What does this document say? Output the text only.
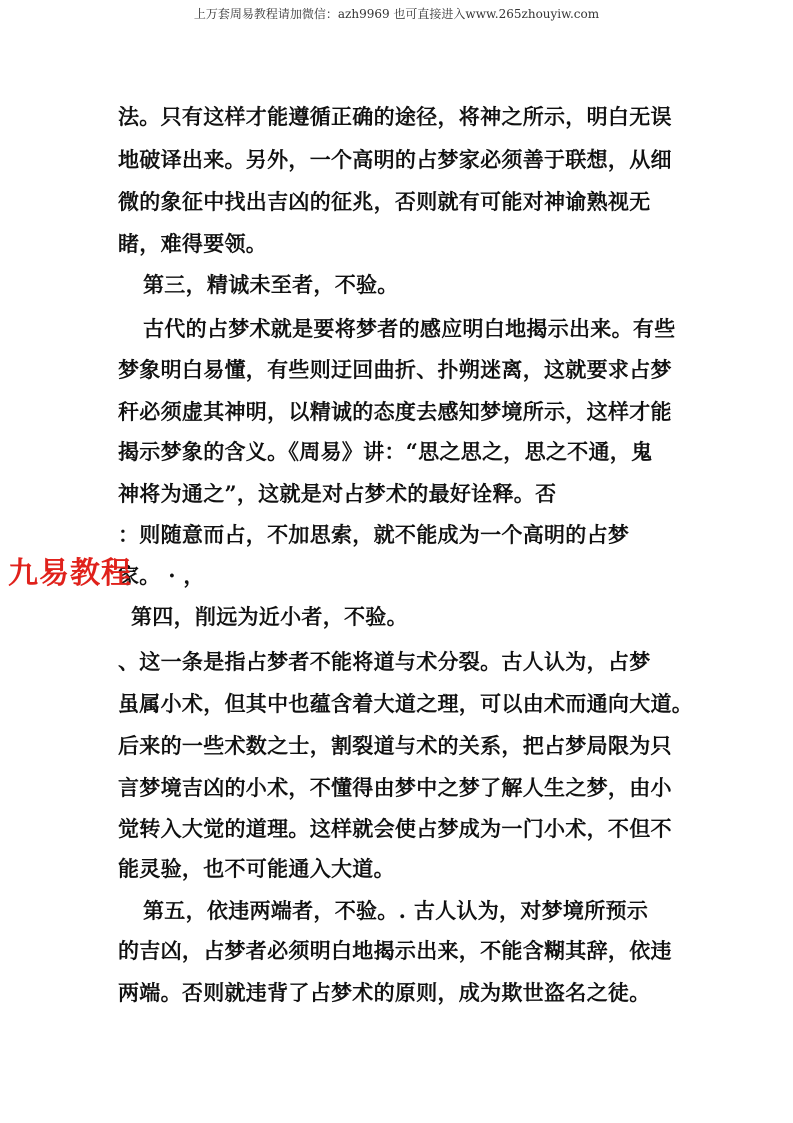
上万套周易教程请加微信：azh9969 也可直接进入www.265zhouyiw.com
法。只有这样才能遵循正确的途径，将神之所示，明白无误
地破译出来。另外，一个高明的占梦家必须善于联想，从细
微的象征中找出吉凶的征兆，否则就有可能对神谕熟视无
睹，难得要领。
第三，精诚未至者，不验。
古代的占梦术就是要将梦者的感应明白地揭示出来。有些
梦象明白易懂，有些则迂回曲折、扑朔迷离，这就要求占梦
秆必须虚其神明，以精诚的态度去感知梦境所示，这样才能
揭示梦象的含义。《周易》讲：“思之思之，思之不通，鬼
神将为通之”，这就是对占梦术的最好诠释。否
：则随意而占，不加思索，就不能成为一个高明的占梦
家。 · ，
第四，削远为近小者，不验。
、这一条是指占梦者不能将道与术分裂。古人认为，占梦
虽属小术，但其中也蕴含着大道之理，可以由术而通向大道。
后来的一些术数之士，割裂道与术的关系，把占梦局限为只
言梦境吉凶的小术，不懂得由梦中之梦了解人生之梦，由小
觉转入大觉的道理。这样就会使占梦成为一门小术，不但不
能灵验，也不可能通入大道。
第五，依违两端者，不验。. 古人认为，对梦境所预示
的吉凶，占梦者必须明白地揭示出来，不能含糊其辞，依违
两端。否则就违背了占梦术的原则，成为欺世盗名之徒。
九易教程
